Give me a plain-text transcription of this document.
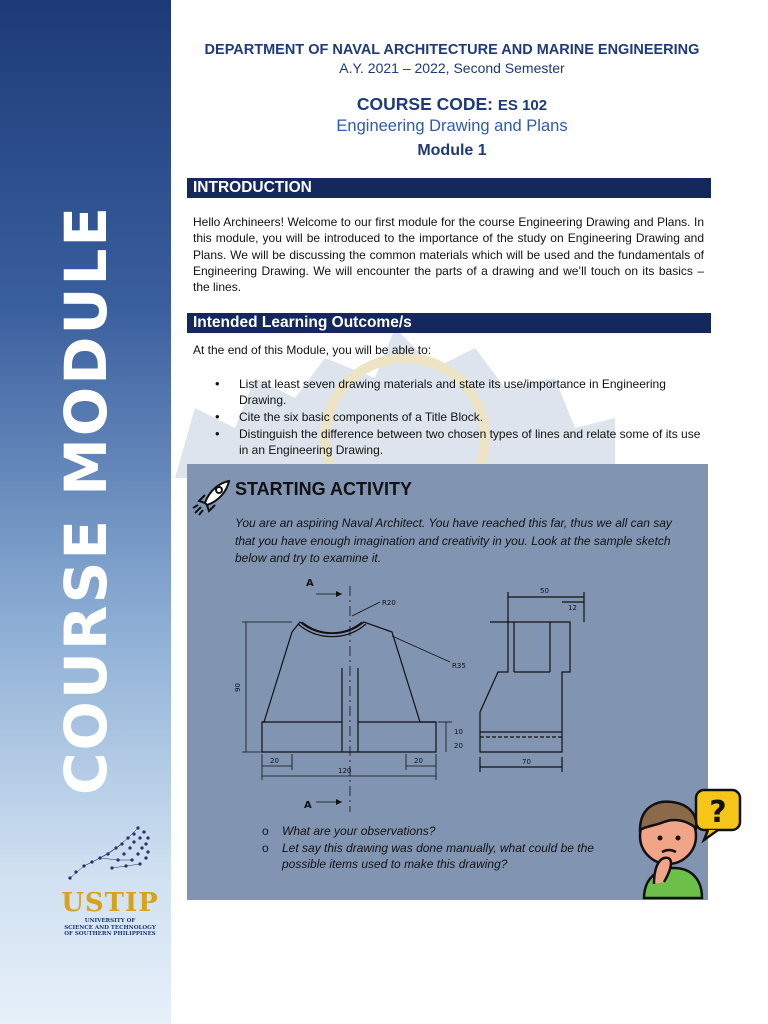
COURSE MODULE
USTIP
UNIVERSITY OF
SCIENCE AND TECHNOLOGY
OF SOUTHERN PHILIPPINES
DEPARTMENT OF NAVAL ARCHITECTURE AND MARINE ENGINEERING
A.Y. 2021 – 2022, Second Semester
COURSE CODE: ES 102
Engineering Drawing and Plans
Module 1
INTRODUCTION
Hello Archineers! Welcome to our first module for the course Engineering Drawing and Plans. In this module, you will be introduced to the importance of the study on Engineering Drawing and Plans. We will be discussing the common materials which will be used and the fundamentals of Engineering Drawing. We will encounter the parts of a drawing and we’ll touch on its basics – the lines.
Intended Learning Outcome/s
At the end of this Module, you will be able to:
• List at least seven drawing materials and state its use/importance in Engineering Drawing.
• Cite the six basic components of a Title Block.
• Distinguish the difference between two chosen types of lines and relate some of its use in an Engineering Drawing.
STARTING ACTIVITY
You are an aspiring Naval Architect. You have reached this far, thus we all can say that you have enough imagination and creativity in you. Look at the sample sketch below and try to examine it.
A
A
R20
R35
90
20	20
120
10
20
50
12
70
o What are your observations?
o Let say this drawing was done manually, what could be the possible items used to make this drawing?
?
